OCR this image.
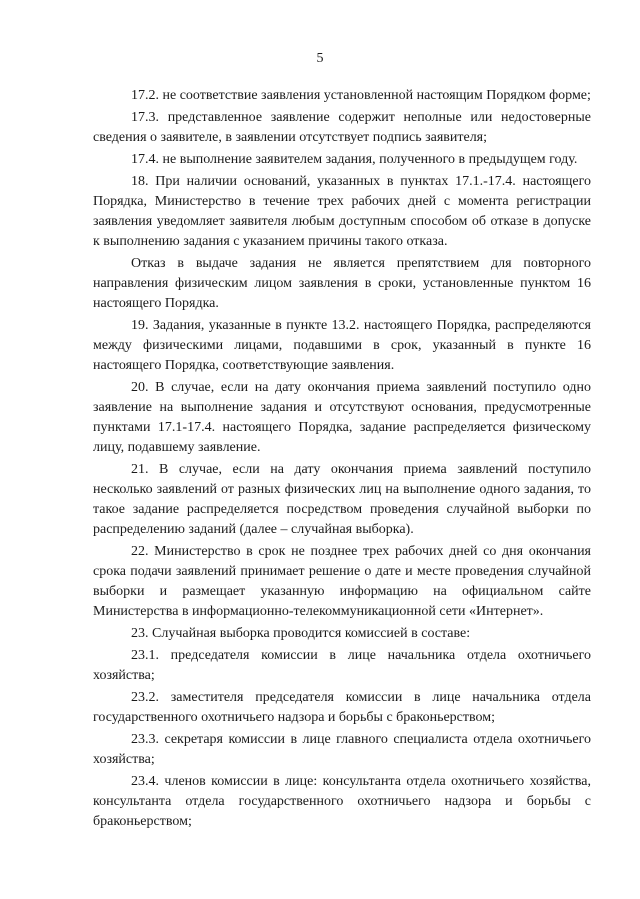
5

17.2. не соответствие заявления установленной настоящим Порядком форме;

17.3. представленное заявление содержит неполные или недостоверные сведения о заявителе, в заявлении отсутствует подпись заявителя;

17.4. не выполнение заявителем задания, полученного в предыдущем году.

18. При наличии оснований, указанных в пунктах 17.1.-17.4. настоящего Порядка, Министерство в течение трех рабочих дней с момента регистрации заявления уведомляет заявителя любым доступным способом об отказе в допуске к выполнению задания с указанием причины такого отказа.

Отказ в выдаче задания не является препятствием для повторного направления физическим лицом заявления в сроки, установленные пунктом 16 настоящего Порядка.

19. Задания, указанные в пункте 13.2. настоящего Порядка, распределяются между физическими лицами, подавшими в срок, указанный в пункте 16 настоящего Порядка, соответствующие заявления.

20. В случае, если на дату окончания приема заявлений поступило одно заявление на выполнение задания и отсутствуют основания, предусмотренные пунктами 17.1-17.4. настоящего Порядка, задание распределяется физическому лицу, подавшему заявление.

21. В случае, если на дату окончания приема заявлений поступило несколько заявлений от разных физических лиц на выполнение одного задания, то такое задание распределяется посредством проведения случайной выборки по распределению заданий (далее – случайная выборка).

22. Министерство в срок не позднее трех рабочих дней со дня окончания срока подачи заявлений принимает решение о дате и месте проведения случайной выборки и размещает указанную информацию на официальном сайте Министерства в информационно-телекоммуникационной сети «Интернет».

23. Случайная выборка проводится комиссией в составе:

23.1. председателя комиссии в лице начальника отдела охотничьего хозяйства;

23.2. заместителя председателя комиссии в лице начальника отдела государственного охотничьего надзора и борьбы с браконьерством;

23.3. секретаря комиссии в лице главного специалиста отдела охотничьего хозяйства;

23.4. членов комиссии в лице: консультанта отдела охотничьего хозяйства, консультанта отдела государственного охотничьего надзора и борьбы с браконьерством;
